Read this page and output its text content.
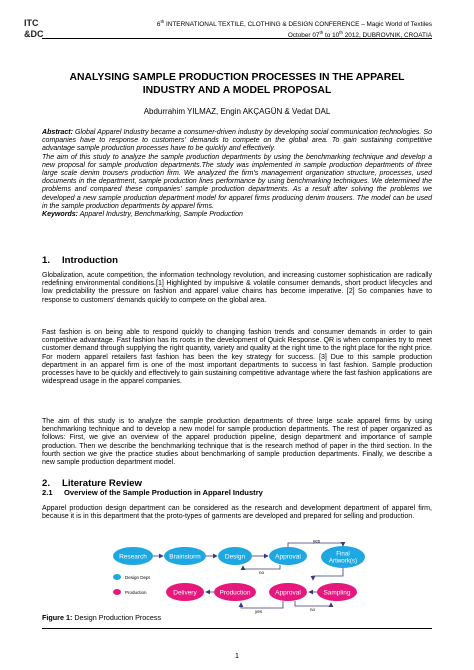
ITC
&DC
6th INTERNATIONAL TEXTILE, CLOTHING & DESIGN CONFERENCE – Magic World of Textiles
October 07th to 10th 2012, DUBROVNIK, CROATIA
ANALYSING SAMPLE PRODUCTION PROCESSES IN THE APPAREL
INDUSTRY AND A MODEL PROPOSAL
Abdurrahim YILMAZ, Engin AKÇAGÜN & Vedat DAL

Abstract: Global Apparel Industry became a consumer-driven industry by developing social communication technologies. So companies have to response to customers' demands to compete on the global area. To gain sustaining competitive advantage sample production processes have to be quickly and effectively.

The aim of this study to analyze the sample production departments by using the benchmarking technique and develop a new proposal for sample production departments.The study was implemented in sample production departments of three large scale denim trousers production firm. We analyzed the firm's management organization structure, processes, used documents in the department, sample production lines performance by using benchmarking techniques. We determined the problems and compared these companies' sample production departments. As a result after solving the problems we developed a new sample production department model for apparel firms producing denim trousers. The model can be used in the sample production departments by apparel firms.

Keywords: Apparel Industry, Benchmarking, Sample Production

1. Introduction

Globalization, acute competition, the information technology revolution, and increasing customer sophistication are radically redefining environmental conditions.[1] Highlighted by impulsive & volatile consumer demands, short product lifecycles and low predictability the pressure on fashion and apparel value chains has become imperative. [2] So companies have to response to customers' demands quickly to compete on the global area.

Fast fashion is on being able to respond quickly to changing fashion trends and consumer demands in order to gain competitive advantage. Fast fashion has its roots in the development of Quick Response. QR is when companies try to meet customer demand through supplying the right quantity, variety and quality at the right time to the right place for the right price. For modern apparel retailers fast fashion has been the key strategy for success. [3] Due to this sample production department in an apparel firm is one of the most important departments to success in fast fashion. Sample production processes have to be quickly and effectively to gain sustaining competitive advantage where the fast fashion applications are widespread usage in the apparel companies.

The aim of this study is to analyze the sample production departments of three large scale apparel firms by using benchmarking technique and to develop a new model for sample production departments. The rest of paper organized as follows: First, we give an overview of the apparel production pipeline, design department and importance of sample production. Then we describe the benchmarking technique that is the research method of paper in the third section. In the fourth section we give the practice studies about benchmarking of sample production departments. Finally, we describe a new sample production department model.

2. Literature Review
2.1 Overview of the Sample Production in Apparel Industry

Apparel production design department can be considered as the research and development department of apparel firm, because it is in this department that the proto-types of garments are developed and prepared for selling and production.

Research	Brainstorm	Design	Approval	Final
Artwork(s)
yes
no
Design Dept
Production	Delivery	Production	Approval	Sampling
yes	no
Figure 1: Design Production Process
1
